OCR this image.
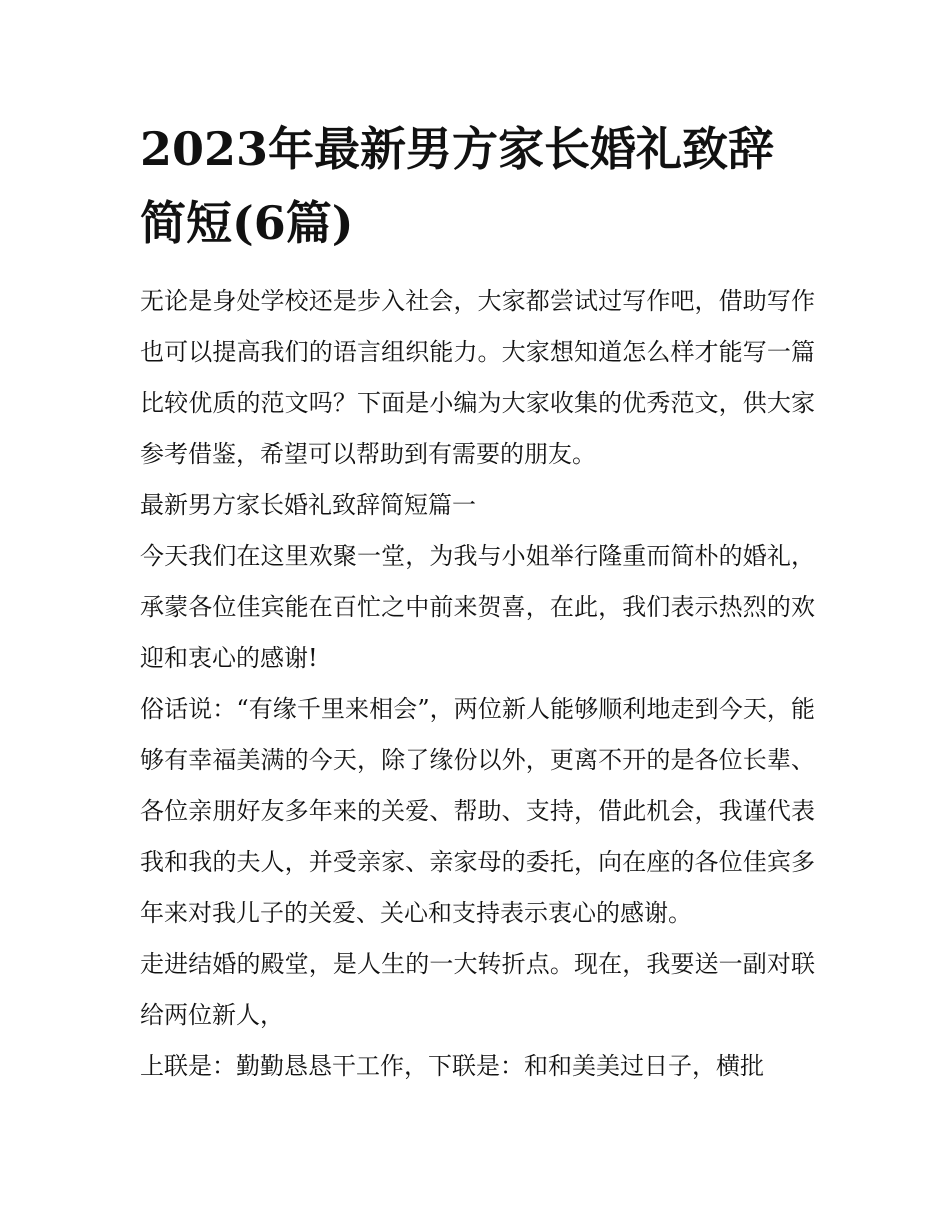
2023年最新男方家长婚礼致辞简短(6篇)

无论是身处学校还是步入社会，大家都尝试过写作吧，借助写作也可以提高我们的语言组织能力。大家想知道怎么样才能写一篇比较优质的范文吗？下面是小编为大家收集的优秀范文，供大家参考借鉴，希望可以帮助到有需要的朋友。

最新男方家长婚礼致辞简短篇一

今天我们在这里欢聚一堂，为我与小姐举行隆重而简朴的婚礼，承蒙各位佳宾能在百忙之中前来贺喜，在此，我们表示热烈的欢迎和衷心的感谢!

俗话说：“有缘千里来相会”，两位新人能够顺利地走到今天，能够有幸福美满的今天，除了缘份以外，更离不开的是各位长辈、各位亲朋好友多年来的关爱、帮助、支持，借此机会，我谨代表我和我的夫人，并受亲家、亲家母的委托，向在座的各位佳宾多年来对我儿子的关爱、关心和支持表示衷心的感谢。

走进结婚的殿堂，是人生的一大转折点。现在，我要送一副对联给两位新人，

上联是：勤勤恳恳干工作，下联是：和和美美过日子，横批
